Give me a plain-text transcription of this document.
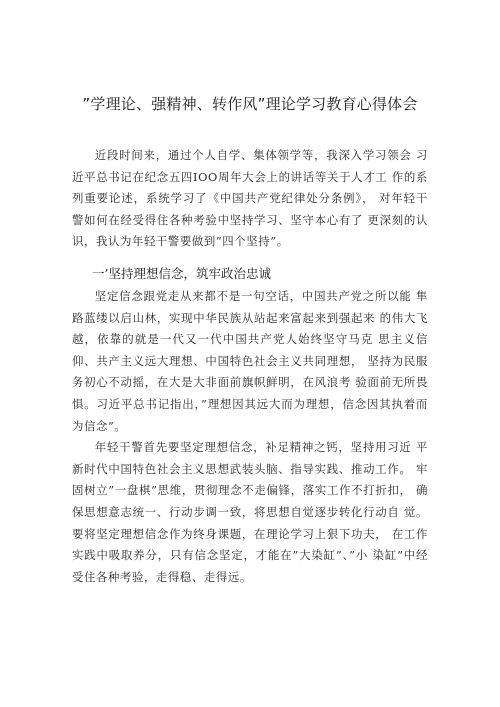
”学理论、强精神、转作风”理论学习教育心得体会

近段时间来，通过个人自学、集体领学等，我深入学习领会 习近平总书记在纪念五四IOO周年大会上的讲话等关于人才工 作的系列重要论述，系统学习了《中国共产党纪律处分条例》， 对年轻干警如何在经受得住各种考验中坚持学习、坚守本心有了 更深刻的认识，我认为年轻干警要做到”四个坚持”。

一’坚持理想信念，筑牢政治忠诚

坚定信念跟党走从来都不是一句空话，中国共产党之所以能 隼路蓝缕以启山林，实现中华民族从站起来富起来到强起来 的伟大飞越，依靠的就是一代又一代中国共产党人始终坚守马克 思主义信仰、共产主义远大理想、中国特色社会主义共同理想， 坚持为民服务初心不动摇，在大是大非面前旗帜鲜明，在风浪考 验面前无所畏惧。习近平总书记指出，”理想因其远大而为理想，信念因其执着而为信念”。

年轻干警首先要坚定理想信念，补足精神之钙，坚持用习近 平新时代中国特色社会主义思想武装头脑、指导实践、推动工作。 牢固树立”一盘棋”思维，贯彻理念不走偏锋，落实工作不打折扣， 确保思想意志统一、行动步调一致，将思想自觉逐步转化行动自 觉。要将坚定理想信念作为终身课题，在理论学习上狠下功夫， 在工作实践中吸取养分，只有信念坚定，才能在”大染缸”、”小 染缸”中经受住各种考验，走得稳、走得远。
